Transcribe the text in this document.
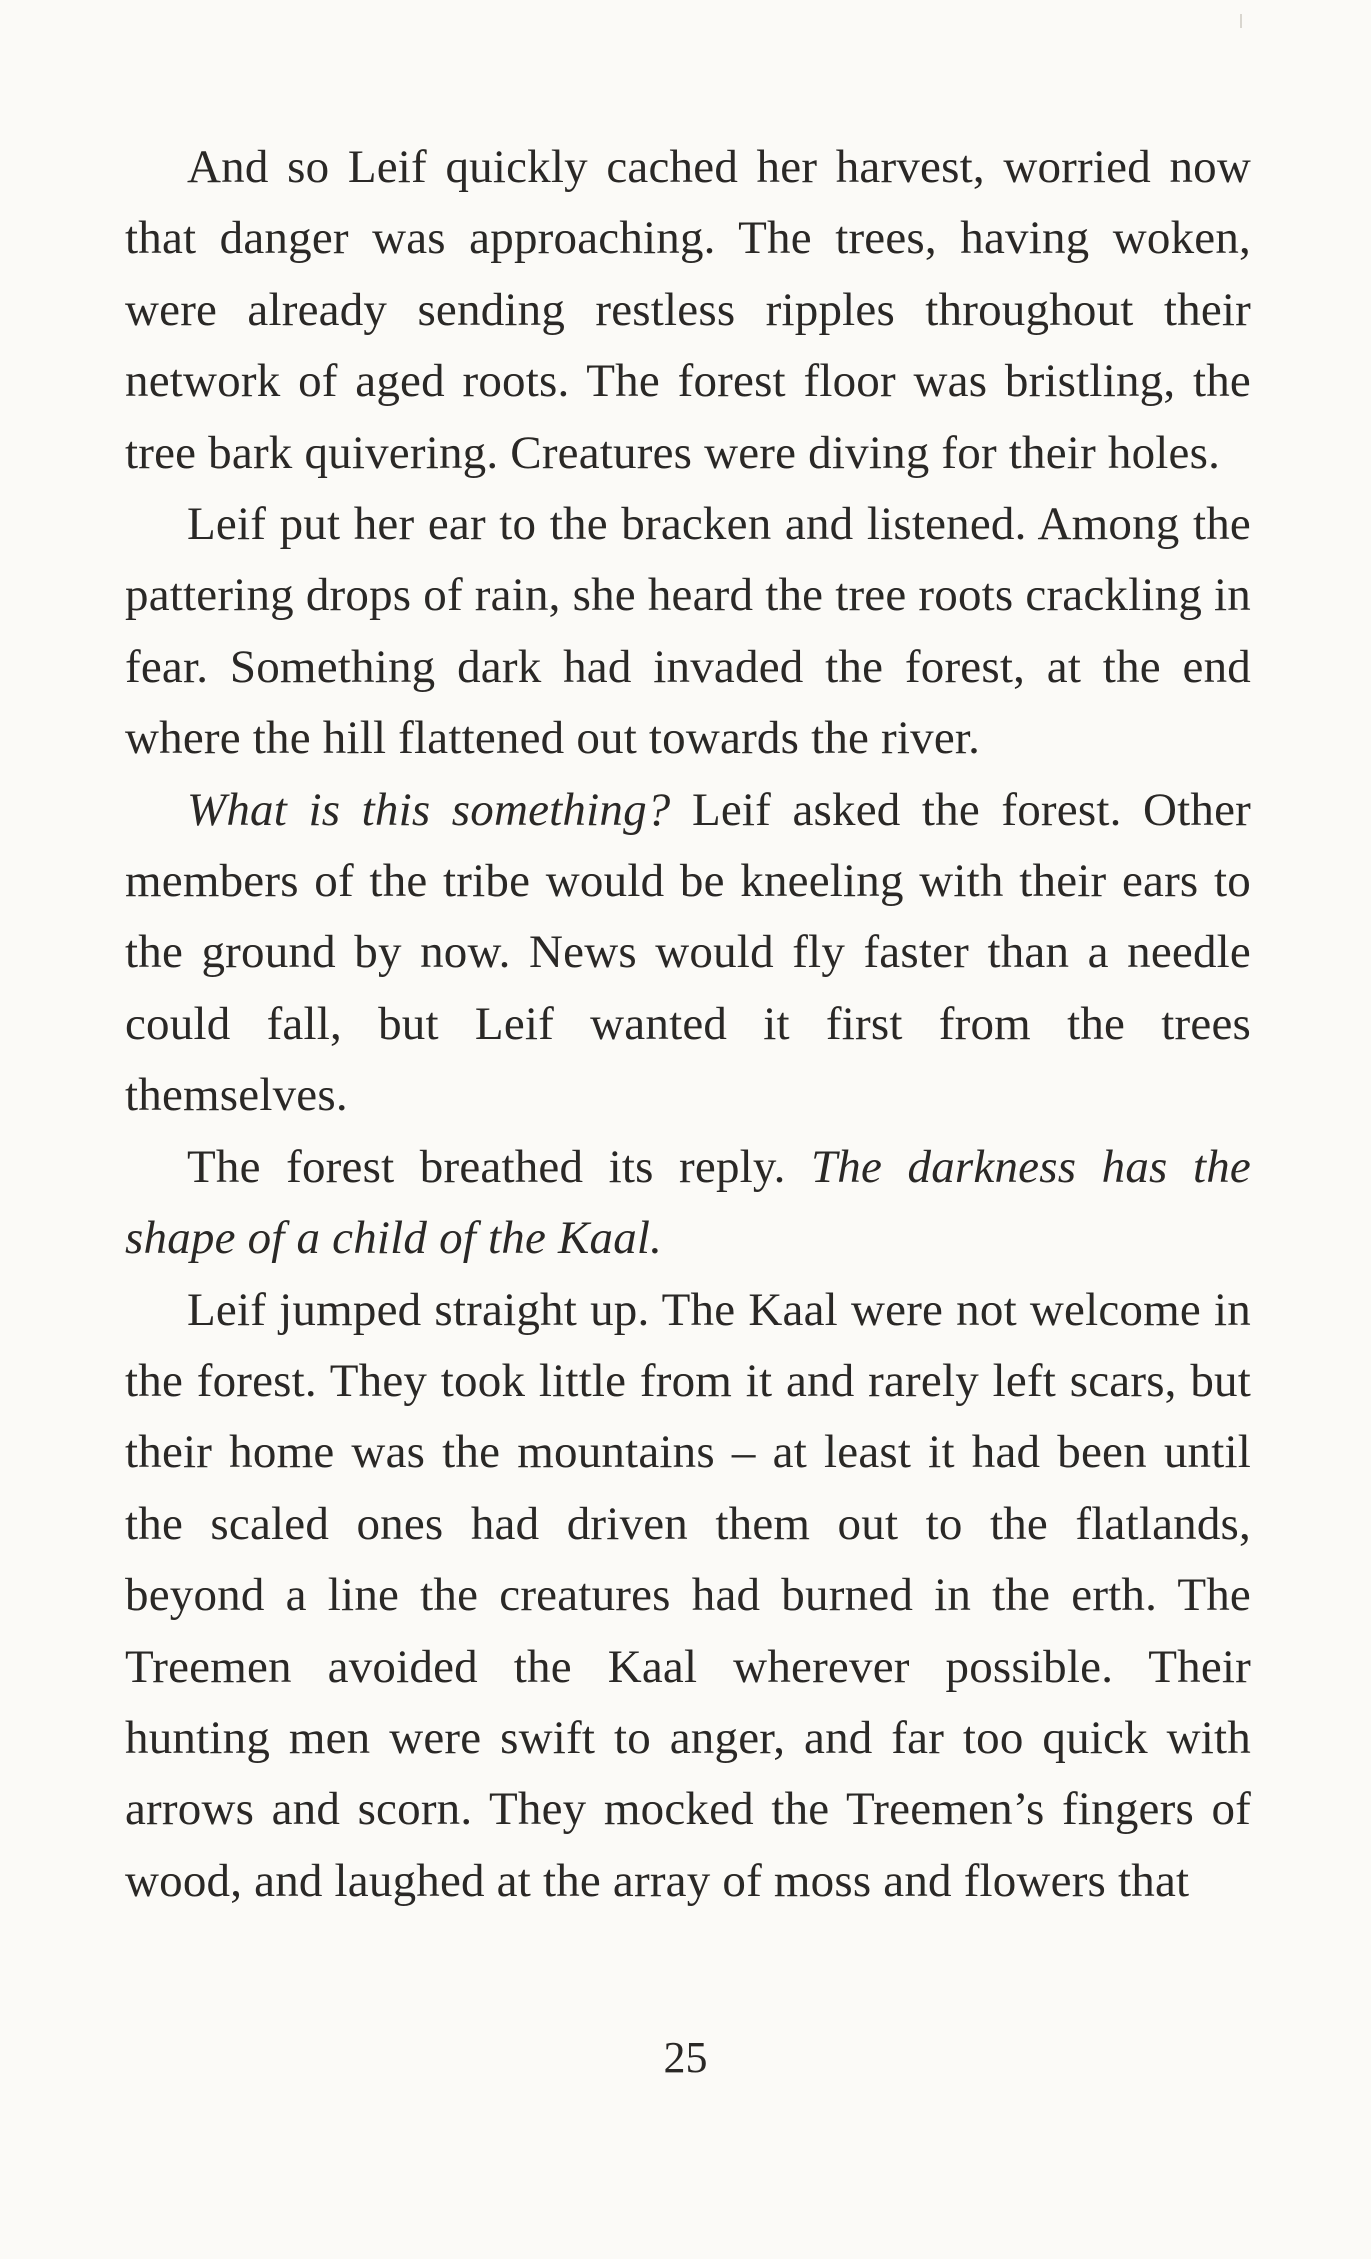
And so Leif quickly cached her harvest, worried now that danger was approaching. The trees, having woken, were already sending restless ripples throughout their network of aged roots. The forest floor was bristling, the tree bark quivering. Creatures were diving for their holes.

Leif put her ear to the bracken and listened. Among the pattering drops of rain, she heard the tree roots crackling in fear. Something dark had invaded the forest, at the end where the hill flattened out towards the river.

What is this something? Leif asked the forest. Other members of the tribe would be kneeling with their ears to the ground by now. News would fly faster than a needle could fall, but Leif wanted it first from the trees themselves.

The forest breathed its reply. The darkness has the shape of a child of the Kaal.

Leif jumped straight up. The Kaal were not welcome in the forest. They took little from it and rarely left scars, but their home was the mountains – at least it had been until the scaled ones had driven them out to the flatlands, beyond a line the creatures had burned in the erth. The Treemen avoided the Kaal wherever possible. Their hunting men were swift to anger, and far too quick with arrows and scorn. They mocked the Treemen’s fingers of wood, and laughed at the array of moss and flowers that

25
